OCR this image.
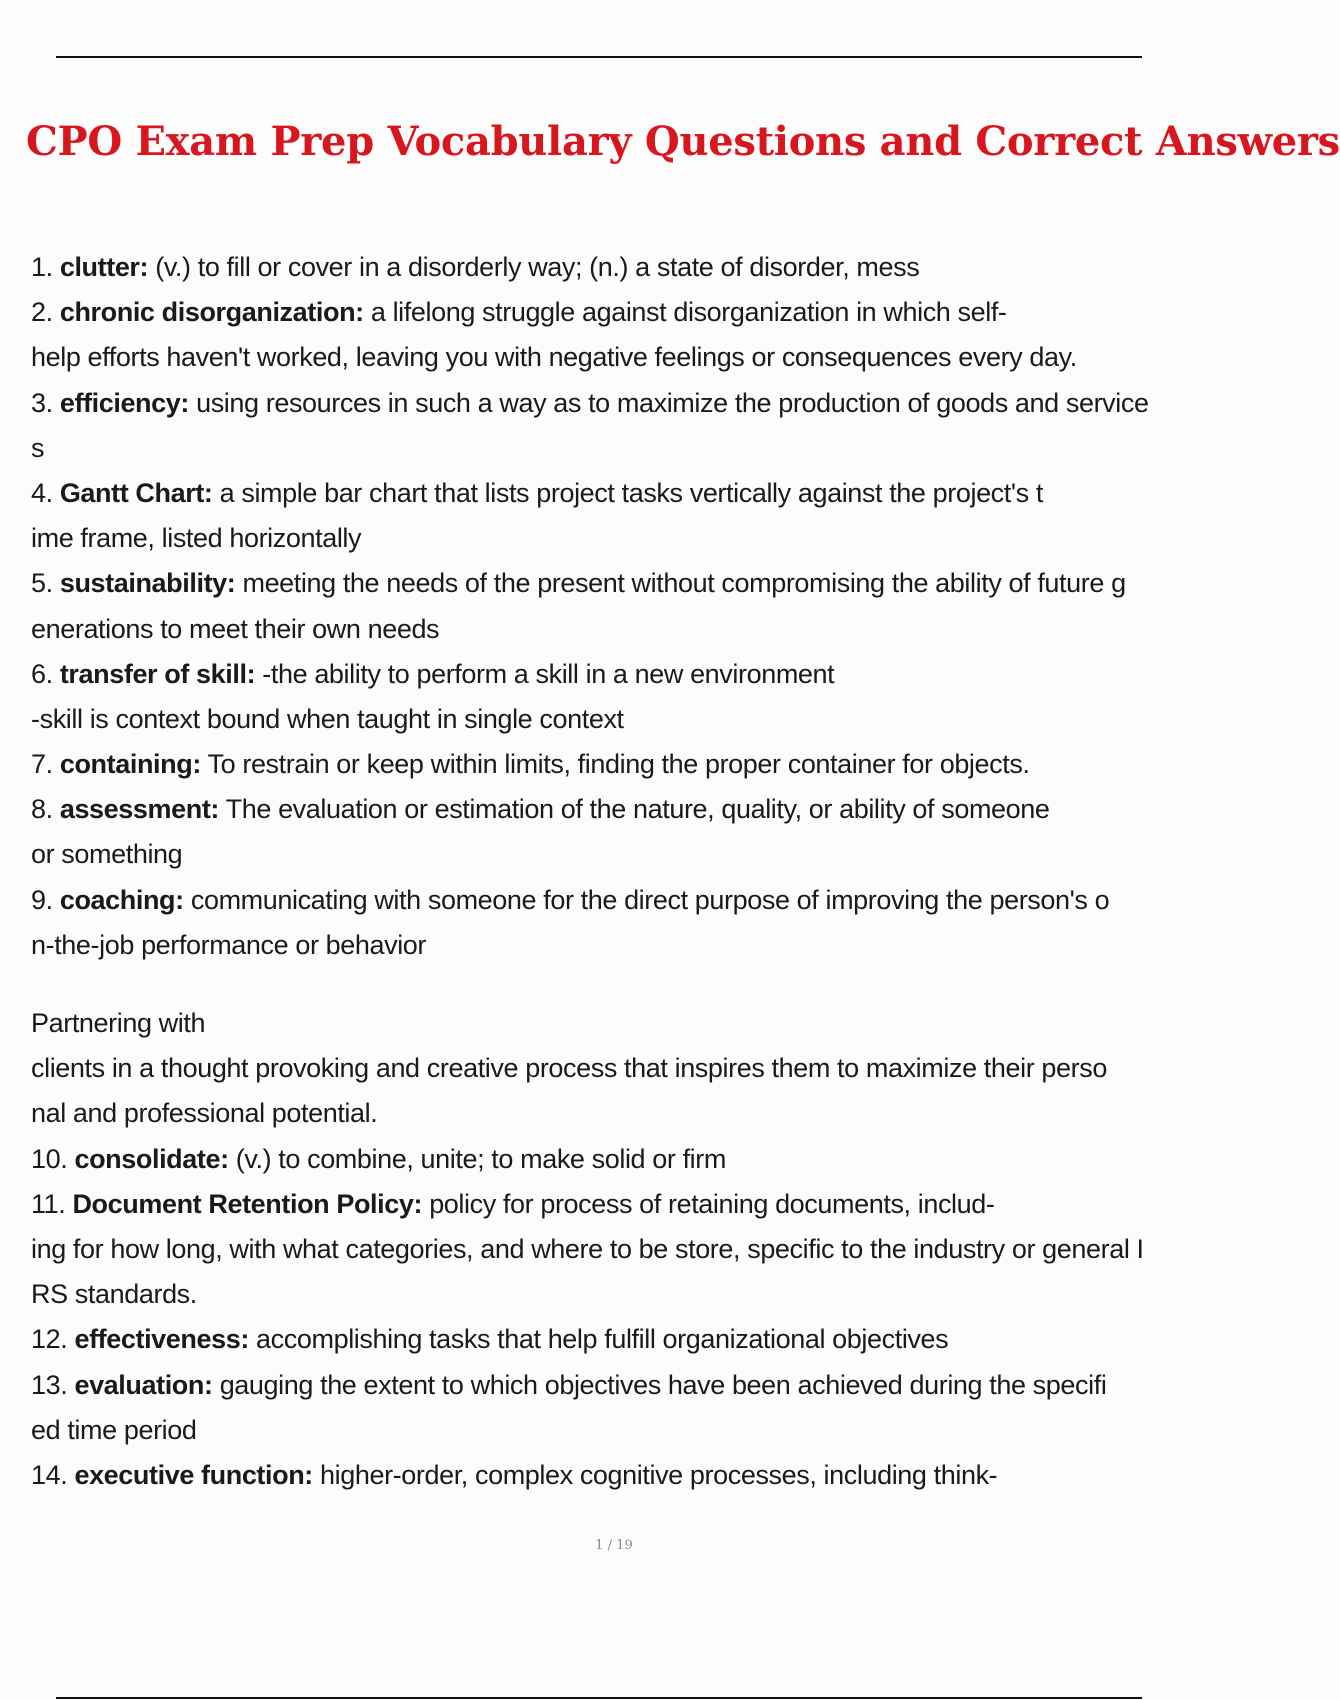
CPO Exam Prep Vocabulary Questions and Correct Answers
1. clutter: (v.) to fill or cover in a disorderly way; (n.) a state of disorder, mess
2. chronic disorganization: a lifelong struggle against disorganization in which self-
help efforts haven't worked, leaving you with negative feelings or consequences every day.
3. efficiency: using resources in such a way as to maximize the production of goods and service
s
4. Gantt Chart: a simple bar chart that lists project tasks vertically against the project's t
ime frame, listed horizontally
5. sustainability: meeting the needs of the present without compromising the ability of future g
enerations to meet their own needs
6. transfer of skill: -the ability to perform a skill in a new environment
-skill is context bound when taught in single context
7. containing: To restrain or keep within limits, finding the proper container for objects.
8. assessment: The evaluation or estimation of the nature, quality, or ability of someone
or something
9. coaching: communicating with someone for the direct purpose of improving the person's o
n-the-job performance or behavior
Partnering with
clients in a thought provoking and creative process that inspires them to maximize their perso
nal and professional potential.
10. consolidate: (v.) to combine, unite; to make solid or firm
11. Document Retention Policy: policy for process of retaining documents, includ-
ing for how long, with what categories, and where to be store, specific to the industry or general I
RS standards.
12. effectiveness: accomplishing tasks that help fulfill organizational objectives
13. evaluation: gauging the extent to which objectives have been achieved during the specifi
ed time period
14. executive function: higher-order, complex cognitive processes, including think-
1 / 19
